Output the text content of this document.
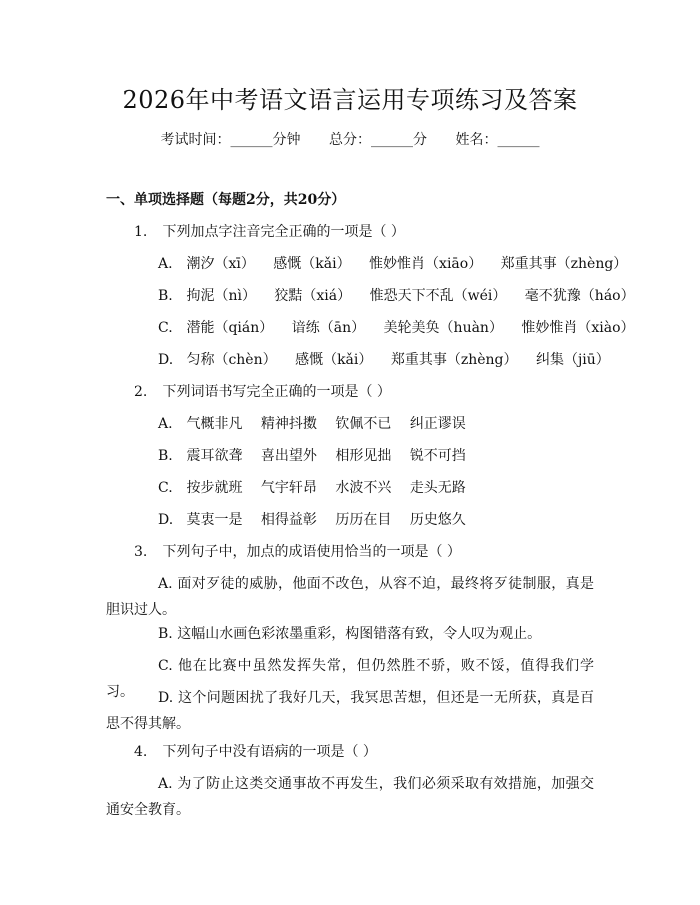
2026年中考语文语言运用专项练习及答案
考试时间：______分钟 总分：______分 姓名：______
一、单项选择题（每题2分，共20分）
1. 下列加点字注音完全正确的一项是（ ）
A. 潮汐（xī） 感慨（kǎi） 惟妙惟肖（xiāo） 郑重其事（zhèng）
B. 拘泥（nì） 狡黠（xiá） 惟恐天下不乱（wéi） 毫不犹豫（háo）
C. 潜能（qián） 谙练（ān） 美轮美奂（huàn） 惟妙惟肖（xiào）
D. 匀称（chèn） 感慨（kǎi） 郑重其事（zhèng） 纠集（jiū）
2. 下列词语书写完全正确的一项是（ ）
A. 气概非凡 精神抖擞 钦佩不已 纠正谬误
B. 震耳欲聋 喜出望外 相形见拙 锐不可挡
C. 按步就班 气宇轩昂 水波不兴 走头无路
D. 莫衷一是 相得益彰 历历在目 历史悠久
3. 下列句子中，加点的成语使用恰当的一项是（ ）
A. 面对歹徒的威胁，他面不改色，从容不迫，最终将歹徒制服，真是胆识过人。
B. 这幅山水画色彩浓墨重彩，构图错落有致，令人叹为观止。
C. 他在比赛中虽然发挥失常，但仍然胜不骄，败不馁，值得我们学习。	D. 这个问题困扰了我好几天，我冥思苦想，但还是一无所获，真是百思不得其解。
4. 下列句子中没有语病的一项是（ ）
A. 为了防止这类交通事故不再发生，我们必须采取有效措施，加强交通安全教育。
